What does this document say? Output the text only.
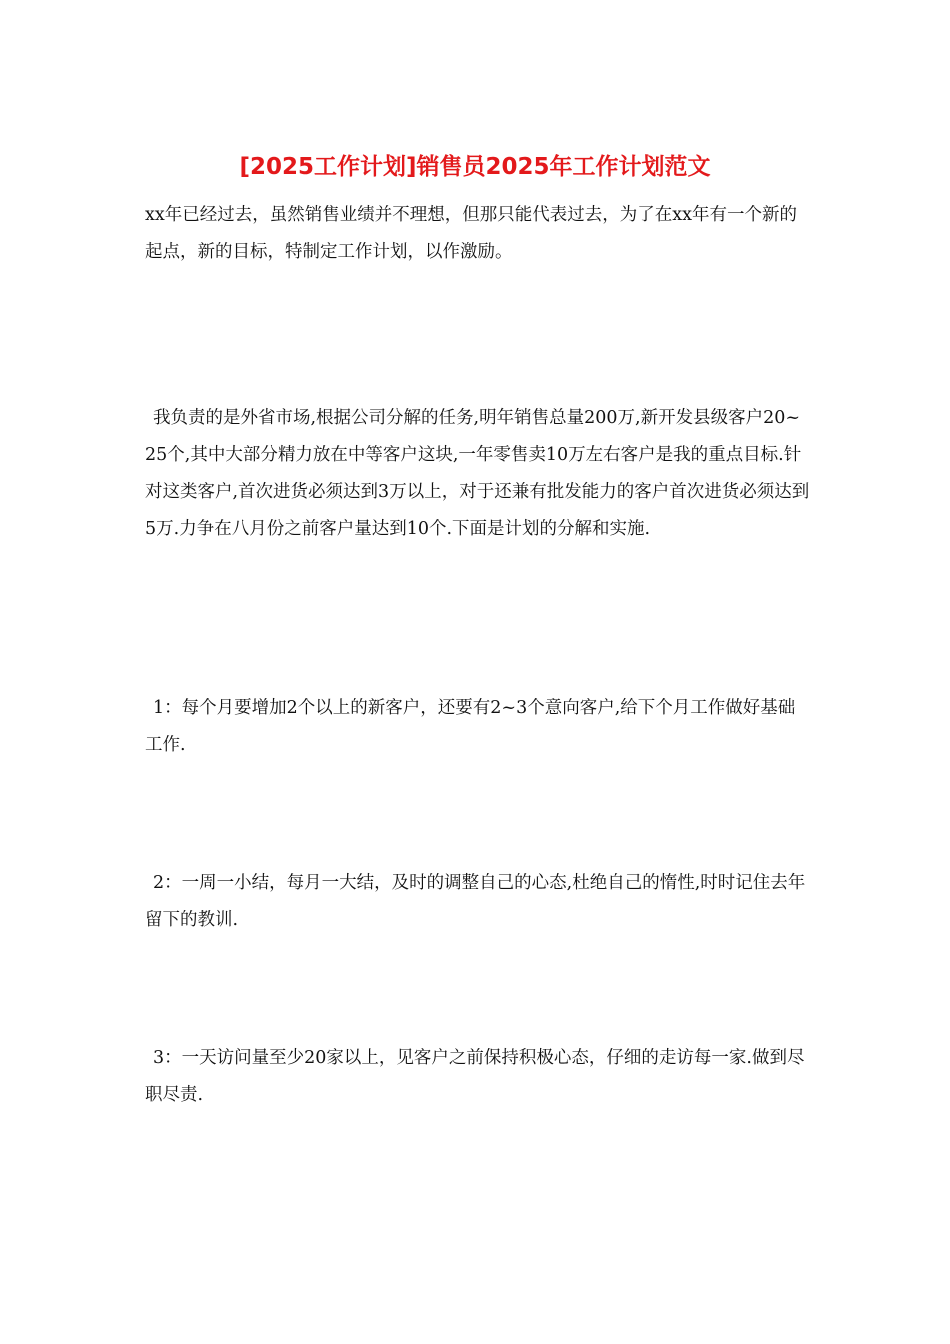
[2025工作计划]销售员2025年工作计划范文

xx年已经过去，虽然销售业绩并不理想，但那只能代表过去，为了在xx年有一个新的起点，新的目标，特制定工作计划，以作激励。

我负责的是外省市场,根据公司分解的任务,明年销售总量200万,新开发县级客户20~25个,其中大部分精力放在中等客户这块,一年零售卖10万左右客户是我的重点目标.针对这类客户,首次进货必须达到3万以上，对于还兼有批发能力的客户首次进货必须达到5万.力争在八月份之前客户量达到10个.下面是计划的分解和实施.

1：每个月要增加2个以上的新客户，还要有2~3个意向客户,给下个月工作做好基础工作.

2：一周一小结，每月一大结，及时的调整自己的心态,杜绝自己的惰性,时时记住去年留下的教训.

3：一天访问量至少20家以上，见客户之前保持积极心态，仔细的走访每一家.做到尽职尽责.
